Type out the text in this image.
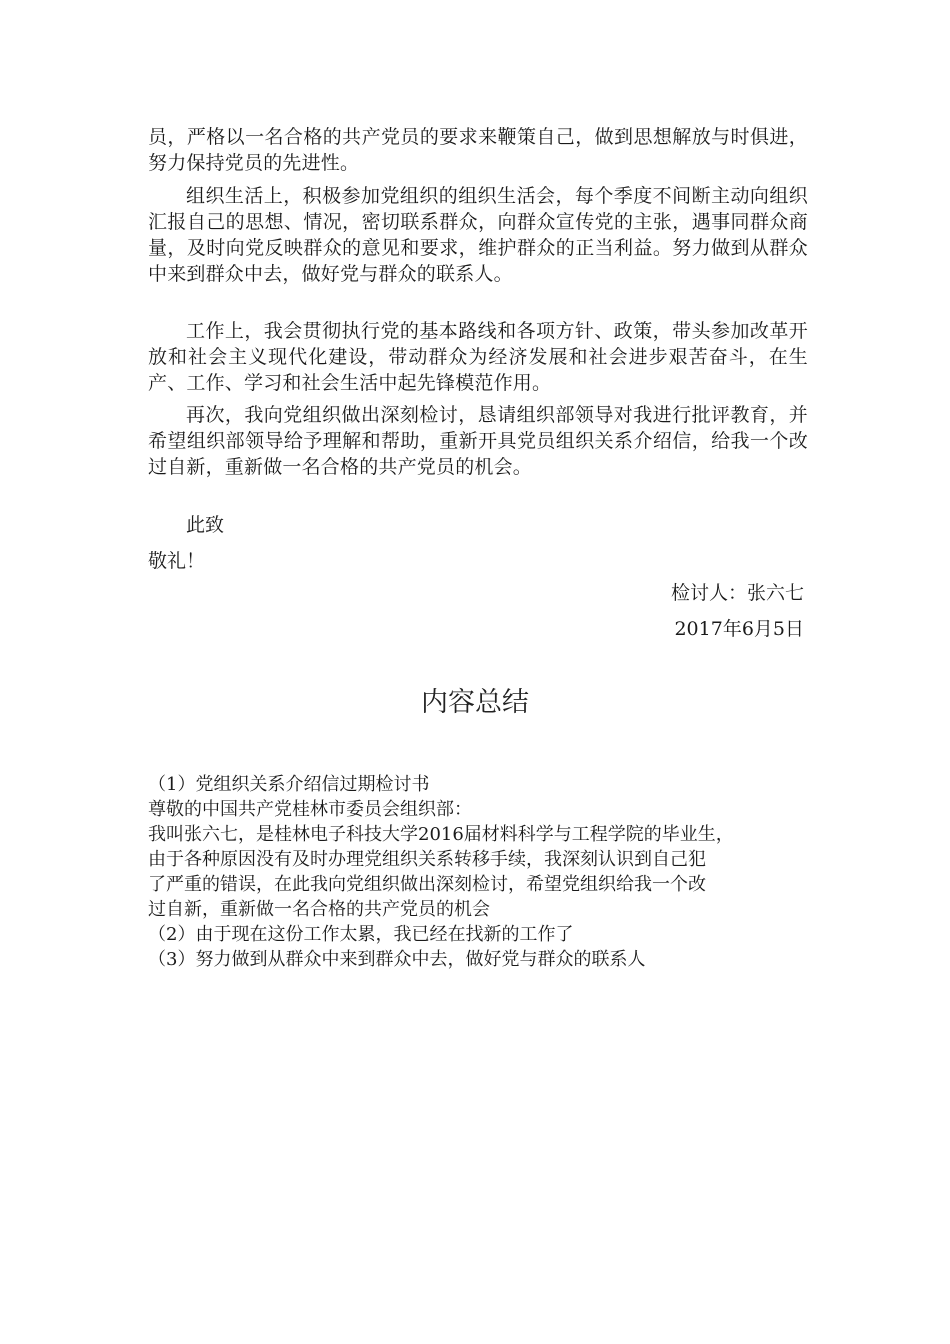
员，严格以一名合格的共产党员的要求来鞭策自己，做到思想解放与时俱进，努力保持党员的先进性。

组织生活上，积极参加党组织的组织生活会，每个季度不间断主动向组织汇报自己的思想、情况，密切联系群众，向群众宣传党的主张，遇事同群众商量，及时向党反映群众的意见和要求，维护群众的正当利益。努力做到从群众中来到群众中去，做好党与群众的联系人。

工作上，我会贯彻执行党的基本路线和各项方针、政策，带头参加改革开放和社会主义现代化建设，带动群众为经济发展和社会进步艰苦奋斗，在生产、工作、学习和社会生活中起先锋模范作用。

再次，我向党组织做出深刻检讨，恳请组织部领导对我进行批评教育，并希望组织部领导给予理解和帮助，重新开具党员组织关系介绍信，给我一个改过自新，重新做一名合格的共产党员的机会。

此致
敬礼！
检讨人：张六七
2017年6月5日
内容总结
（1）党组织关系介绍信过期检讨书
尊敬的中国共产党桂林市委员会组织部：
我叫张六七，是桂林电子科技大学2016届材料科学与工程学院的毕业生，
由于各种原因没有及时办理党组织关系转移手续，我深刻认识到自己犯
了严重的错误，在此我向党组织做出深刻检讨，希望党组织给我一个改
过自新，重新做一名合格的共产党员的机会
（2）由于现在这份工作太累，我已经在找新的工作了
（3）努力做到从群众中来到群众中去，做好党与群众的联系人
